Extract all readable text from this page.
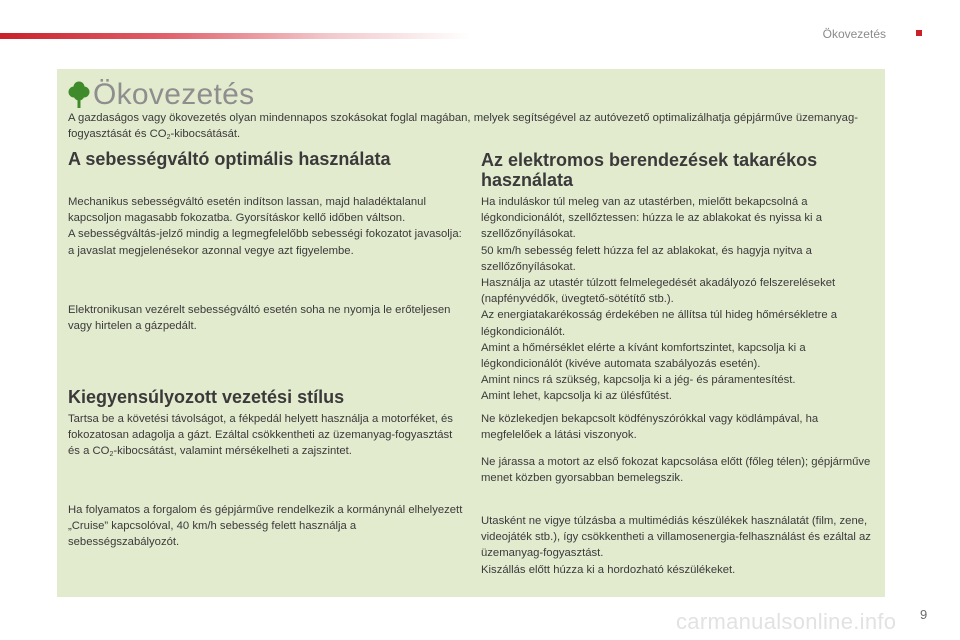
Ökovezetés
Ökovezetés
A gazdaságos vagy ökovezetés olyan mindennapos szokásokat foglal magában, melyek segítségével az autóvezető optimalizálhatja gépjárműve üzemanyag-fogyasztását és $CO_2$-kibocsátását.
A sebességváltó optimális használata
Mechanikus sebességváltó esetén indítson lassan, majd haladéktalanul kapcsoljon magasabb fokozatba. Gyorsításkor kellő időben váltson.
A sebességváltás-jelző mindig a legmegfelelőbb sebességi fokozatot javasolja: a javaslat megjelenésekor azonnal vegye azt figyelembe.
Elektronikusan vezérelt sebességváltó esetén soha ne nyomja le erőteljesen vagy hirtelen a gázpedált.
Kiegyensúlyozott vezetési stílus
Tartsa be a követési távolságot, a fékpedál helyett használja a motorféket, és fokozatosan adagolja a gázt. Ezáltal csökkentheti az üzemanyag-fogyasztást és a $CO_2$-kibocsátást, valamint mérsékelheti a zajszintet.
Ha folyamatos a forgalom és gépjárműve rendelkezik a kormánynál elhelyezett „Cruise” kapcsolóval, 40 km/h sebesség felett használja a sebességszabályozót.
Az elektromos berendezések takarékos használata
Ha induláskor túl meleg van az utastérben, mielőtt bekapcsolná a légkondicionálót, szellőztessen: húzza le az ablakokat és nyissa ki a szellőzőnyílásokat.
50 km/h sebesség felett húzza fel az ablakokat, és hagyja nyitva a szellőzőnyílásokat.
Használja az utastér túlzott felmelegedését akadályozó felszereléseket (napfényvédők, üvegtető-sötétítő stb.).
Az energiatakarékosság érdekében ne állítsa túl hideg hőmérsékletre a légkondicionálót.
Amint a hőmérséklet elérte a kívánt komfortszintet, kapcsolja ki a légkondicionálót (kivéve automata szabályozás esetén).
Amint nincs rá szükség, kapcsolja ki a jég- és páramentesítést.
Amint lehet, kapcsolja ki az ülésfűtést.
Ne közlekedjen bekapcsolt ködfényszórókkal vagy ködlámpával, ha megfelelőek a látási viszonyok.
Ne járassa a motort az első fokozat kapcsolása előtt (főleg télen); gépjárműve menet közben gyorsabban bemelegszik.
Utasként ne vigye túlzásba a multimédiás készülékek használatát (film, zene, videojáték stb.), így csökkentheti a villamosenergia-felhasználást és ezáltal az üzemanyag-fogyasztást.
Kiszállás előtt húzza ki a hordozható készülékeket.
carmanualsonline.info 9
